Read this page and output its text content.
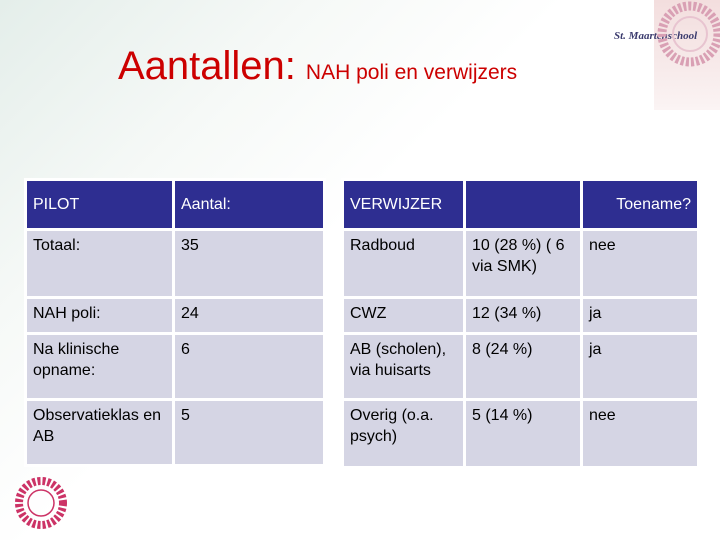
St. Maartenschool
Aantallen: NAH poli en verwijzers
PILOT	Aantal:
Totaal:	35
NAH poli:	24
Na klinische opname:	6
Observatieklas en AB	5
VERWIJZER		Toename?
Radboud	10 (28 %) ( 6 via SMK)	nee
CWZ	12 (34 %)	ja
AB (scholen), via huisarts	8 (24 %)	ja
Overig (o.a. psych)	5 (14 %)	nee
